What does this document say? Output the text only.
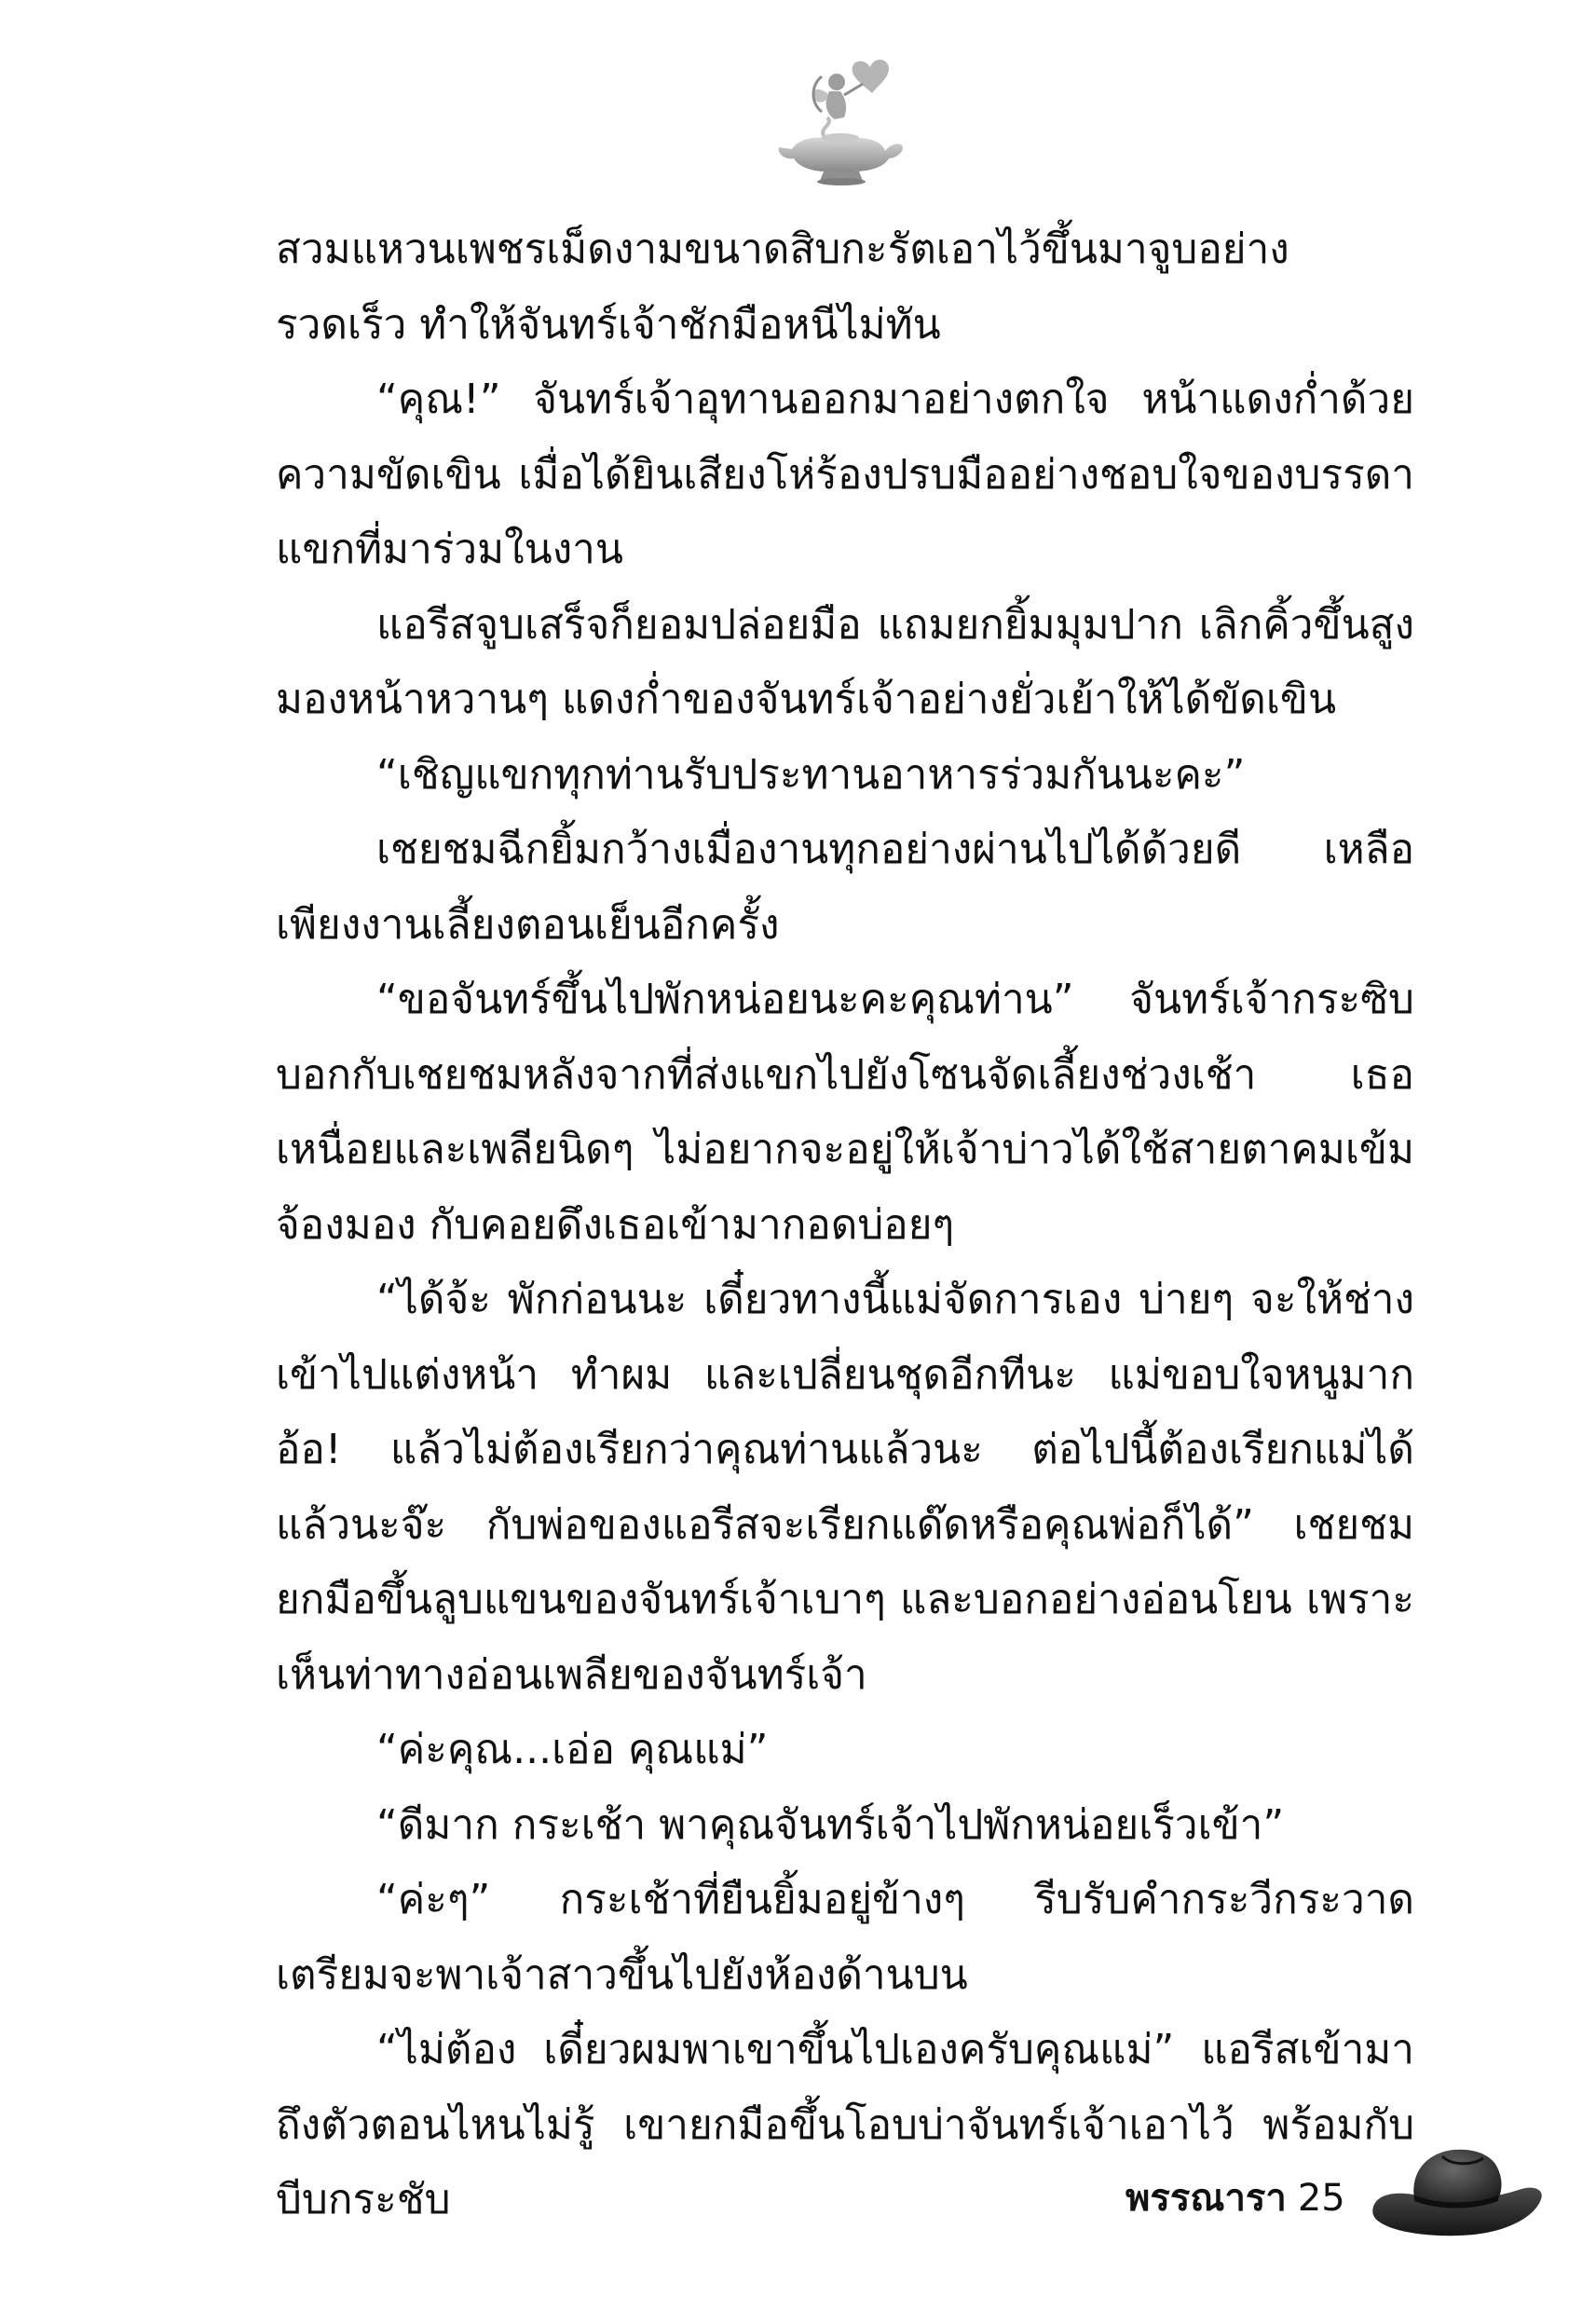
สวมแหวนเพชรเม็ดงามขนาดสิบกะรัตเอาไว้ขึ้นมาจูบอย่างรวดเร็ว ทำให้จันทร์เจ้าชักมือหนีไม่ทัน

“คุณ!” จันทร์เจ้าอุทานออกมาอย่างตกใจ หน้าแดงก่ำด้วยความขัดเขิน เมื่อได้ยินเสียงโห่ร้องปรบมืออย่างชอบใจของบรรดาแขกที่มาร่วมในงาน

แอรีสจูบเสร็จก็ยอมปล่อยมือ แถมยกยิ้มมุมปาก เลิกคิ้วขึ้นสูงมองหน้าหวานๆ แดงก่ำของจันทร์เจ้าอย่างยั่วเย้าให้ได้ขัดเขิน

“เชิญแขกทุกท่านรับประทานอาหารร่วมกันนะคะ”

เชยชมฉีกยิ้มกว้างเมื่องานทุกอย่างผ่านไปได้ด้วยดี เหลือเพียงงานเลี้ยงตอนเย็นอีกครั้ง

“ขอจันทร์ขึ้นไปพักหน่อยนะคะคุณท่าน” จันทร์เจ้ากระซิบบอกกับเชยชมหลังจากที่ส่งแขกไปยังโซนจัดเลี้ยงช่วงเช้า เธอเหนื่อยและเพลียนิดๆ ไม่อยากจะอยู่ให้เจ้าบ่าวได้ใช้สายตาคมเข้มจ้องมอง กับคอยดึงเธอเข้ามากอดบ่อยๆ

“ได้จ้ะ พักก่อนนะ เดี๋ยวทางนี้แม่จัดการเอง บ่ายๆ จะให้ช่างเข้าไปแต่งหน้า ทำผม และเปลี่ยนชุดอีกทีนะ แม่ขอบใจหนูมาก อ้อ! แล้วไม่ต้องเรียกว่าคุณท่านแล้วนะ ต่อไปนี้ต้องเรียกแม่ได้แล้วนะจ๊ะ กับพ่อของแอรีสจะเรียกแด๊ดหรือคุณพ่อก็ได้” เชยชมยกมือขึ้นลูบแขนของจันทร์เจ้าเบาๆ และบอกอย่างอ่อนโยน เพราะเห็นท่าทางอ่อนเพลียของจันทร์เจ้า

“ค่ะคุณ...เอ่อ คุณแม่”

“ดีมาก กระเช้า พาคุณจันทร์เจ้าไปพักหน่อยเร็วเข้า”

“ค่ะๆ” กระเช้าที่ยืนยิ้มอยู่ข้างๆ รีบรับคำกระวีกระวาดเตรียมจะพาเจ้าสาวขึ้นไปยังห้องด้านบน

“ไม่ต้อง เดี๋ยวผมพาเขาขึ้นไปเองครับคุณแม่” แอรีสเข้ามาถึงตัวตอนไหนไม่รู้ เขายกมือขึ้นโอบบ่าจันทร์เจ้าเอาไว้ พร้อมกับบีบกระชับ	พรรณารา 25
